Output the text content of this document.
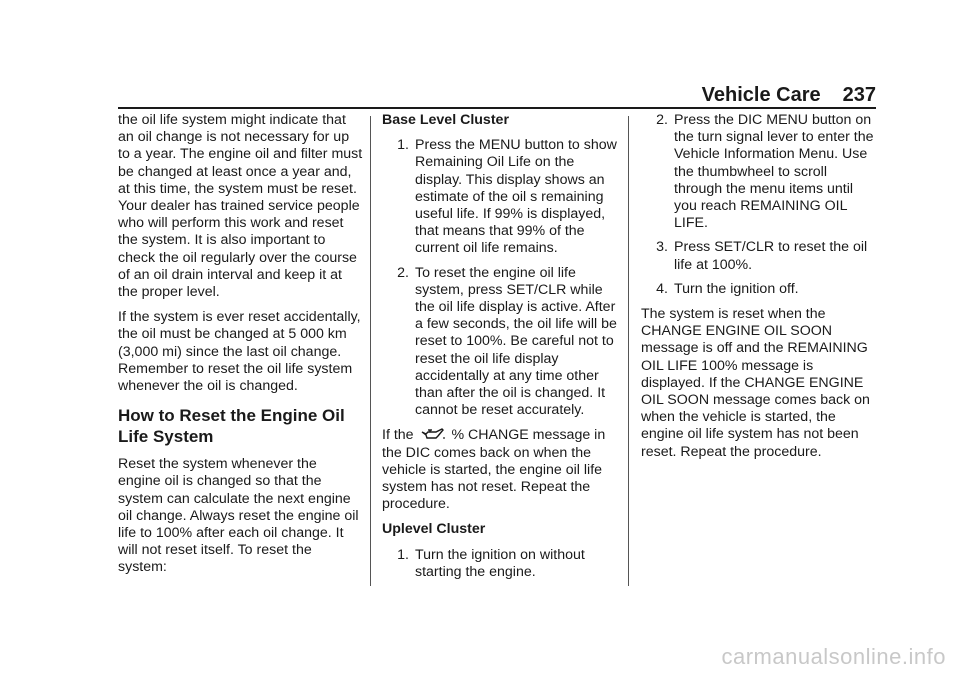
Vehicle Care 237

the oil life system might indicate that an oil change is not necessary for up to a year. The engine oil and filter must be changed at least once a year and, at this time, the system must be reset. Your dealer has trained service people who will perform this work and reset the system. It is also important to check the oil regularly over the course of an oil drain interval and keep it at the proper level.

If the system is ever reset accidentally, the oil must be changed at 5 000 km (3,000 mi) since the last oil change. Remember to reset the oil life system whenever the oil is changed.

How to Reset the Engine Oil Life System

Reset the system whenever the engine oil is changed so that the system can calculate the next engine oil change. Always reset the engine oil life to 100% after each oil change. It will not reset itself. To reset the system:

Base Level Cluster

1. Press the MENU button to show Remaining Oil Life on the display. This display shows an estimate of the oil s remaining useful life. If 99% is displayed, that means that 99% of the current oil life remains.
2. To reset the engine oil life system, press SET/CLR while the oil life display is active. After a few seconds, the oil life will be reset to 100%. Be careful not to reset the oil life display accidentally at any time other than after the oil is changed. It cannot be reset accurately.

If the	% CHANGE message in the DIC comes back on when the vehicle is started, the engine oil life system has not reset. Repeat the procedure.

Uplevel Cluster

1. Turn the ignition on without starting the engine.
2. Press the DIC MENU button on the turn signal lever to enter the Vehicle Information Menu. Use the thumbwheel to scroll through the menu items until you reach REMAINING OIL LIFE.
3. Press SET/CLR to reset the oil life at 100%.
4. Turn the ignition off.

The system is reset when the CHANGE ENGINE OIL SOON message is off and the REMAINING OIL LIFE 100% message is displayed. If the CHANGE ENGINE OIL SOON message comes back on when the vehicle is started, the engine oil life system has not been reset. Repeat the procedure.

carmanualsonline.info
